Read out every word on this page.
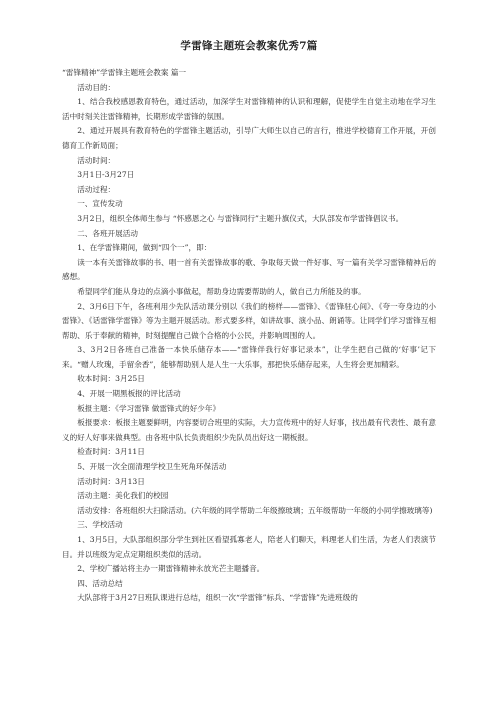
学雷锋主题班会教案优秀7篇

“雷锋精神”学雷锋主题班会教案 篇一

活动目的：

1、结合我校感恩教育特色，通过活动，加深学生对雷锋精神的认识和理解，促使学生自觉主动地在学习生活中时刻关注雷锋精神，长期形成学雷锋的氛围。

2、通过开展具有教育特色的学雷锋主题活动，引导广大师生以自己的言行，推进学校德育工作开展，开创德育工作新局面；

活动时间：

3月1日-3月27日

活动过程：

一、宣传发动

3月2日，组织全体师生参与 “怀感恩之心 与雷锋同行”主题升旗仪式，大队部发布学雷锋倡议书。

二、各班开展活动

1、在学雷锋期间，做到“四个一”，即：

读一本有关雷锋故事的书、唱一首有关雷锋故事的歌、争取每天做一件好事、写一篇有关学习雷锋精神后的感想。

希望同学们能从身边的点滴小事做起，帮助身边需要帮助的人，做自己力所能及的事。

2、3月6日下午，各班利用少先队活动课分别以《我们的榜样——雷锋》、《雷锋驻心间》、《夸一夸身边的小雷锋》、《话雷锋学雷锋》等为主题开展活动。形式要多样，如讲故事、演小品、朗诵等。让同学们学习雷锋互相帮助、乐于奉献的精神，时刻提醒自己做个合格的小公民，并影响周围的人。

3、3月2日各班自己准备一本快乐储存本——“雷锋伴我行好事记录本”，让学生把自己做的‘好事’记下来。“赠人玫瑰，手留余香”，能够帮助别人是人生一大乐事，那把快乐储存起来，人生将会更加精彩。

收本时间：3月25日

4、开展一期黑板报的评比活动

板报主题：《学习雷锋 做雷锋式的好少年》

板报要求：板报主题要鲜明，内容要切合班里的实际，大力宣传班中的好人好事，找出最有代表性、最有意义的好人好事来做典型。由各班中队长负责组织少先队员出好这一期板报。

检查时间：3月11日

5、开展一次全面清理学校卫生死角环保活动

活动时间：3月13日

活动主题：美化我们的校园

活动安排：各班组织大扫除活动。(六年级的同学帮助二年级擦玻璃；五年级帮助一年级的小同学擦玻璃等)

三、学校活动

1、3月5日，大队部组织部分学生到社区看望孤寡老人，陪老人们聊天，料理老人们生活，为老人们表演节目。并以班级为定点定期组织类似的活动。

2、学校广播站将主办一期雷锋精神永放光芒主题播音。

四、活动总结

大队部将于3月27日班队课进行总结，组织一次“学雷锋”标兵、“学雷锋”先进班级的
